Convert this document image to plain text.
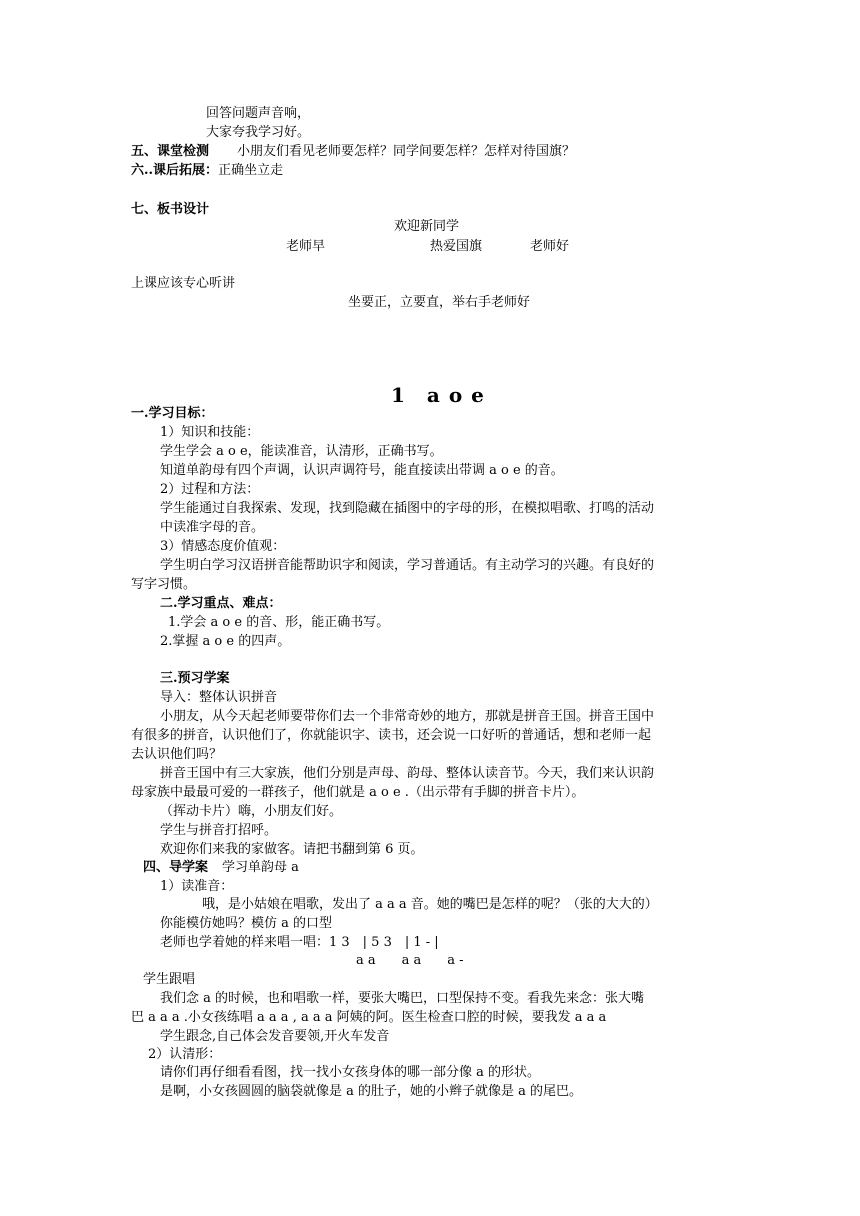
回答问题声音响，
大家夸我学习好。
五、课堂检测 小朋友们看见老师要怎样？同学间要怎样？怎样对待国旗？
六..课后拓展：正确坐立走
七、板书设计
欢迎新同学
老师早	热爱国旗	老师好
上课应该专心听讲
坐要正，立要直，举右手老师好
1　a o e
一.学习目标：
1）知识和技能：
学生学会 a o e，能读准音，认清形，正确书写。
知道单韵母有四个声调，认识声调符号，能直接读出带调 a o e 的音。
2）过程和方法：
学生能通过自我探索、发现，找到隐藏在插图中的字母的形，在模拟唱歌、打鸣的活动
中读准字母的音。
3）情感态度价值观：
学生明白学习汉语拼音能帮助识字和阅读，学习普通话。有主动学习的兴趣。有良好的
写字习惯。
二.学习重点、难点：
1.学会 a o e 的音、形，能正确书写。
2.掌握 a o e 的四声。
三.预习学案
导入：整体认识拼音
小朋友，从今天起老师要带你们去一个非常奇妙的地方，那就是拼音王国。拼音王国中
有很多的拼音，认识他们了，你就能识字、读书，还会说一口好听的普通话，想和老师一起
去认识他们吗？
拼音王国中有三大家族，他们分别是声母、韵母、整体认读音节。今天，我们来认识韵
母家族中最最可爱的一群孩子，他们就是 a o e .（出示带有手脚的拼音卡片）。
（挥动卡片）嗨，小朋友们好。
学生与拼音打招呼。
欢迎你们来我的家做客。请把书翻到第 6 页。
四、导学案 学习单韵母 a
1）读准音：
哦，是小姑娘在唱歌，发出了 a a a 音。她的嘴巴是怎样的呢？（张的大大的）
你能模仿她吗？模仿 a 的口型
老师也学着她的样来唱一唱：1 3　| 5 3　| 1 - |
a a　　a a　　a -
学生跟唱
我们念 a 的时候，也和唱歌一样，要张大嘴巴，口型保持不变。看我先来念：张大嘴
巴 a a a .小女孩练唱 a a a , a a a 阿姨的阿。医生检查口腔的时候，要我发 a a a
学生跟念,自己体会发音要领,开火车发音
2）认清形：
请你们再仔细看看图，找一找小女孩身体的哪一部分像 a 的形状。
是啊，小女孩圆圆的脑袋就像是 a 的肚子，她的小辫子就像是 a 的尾巴。
